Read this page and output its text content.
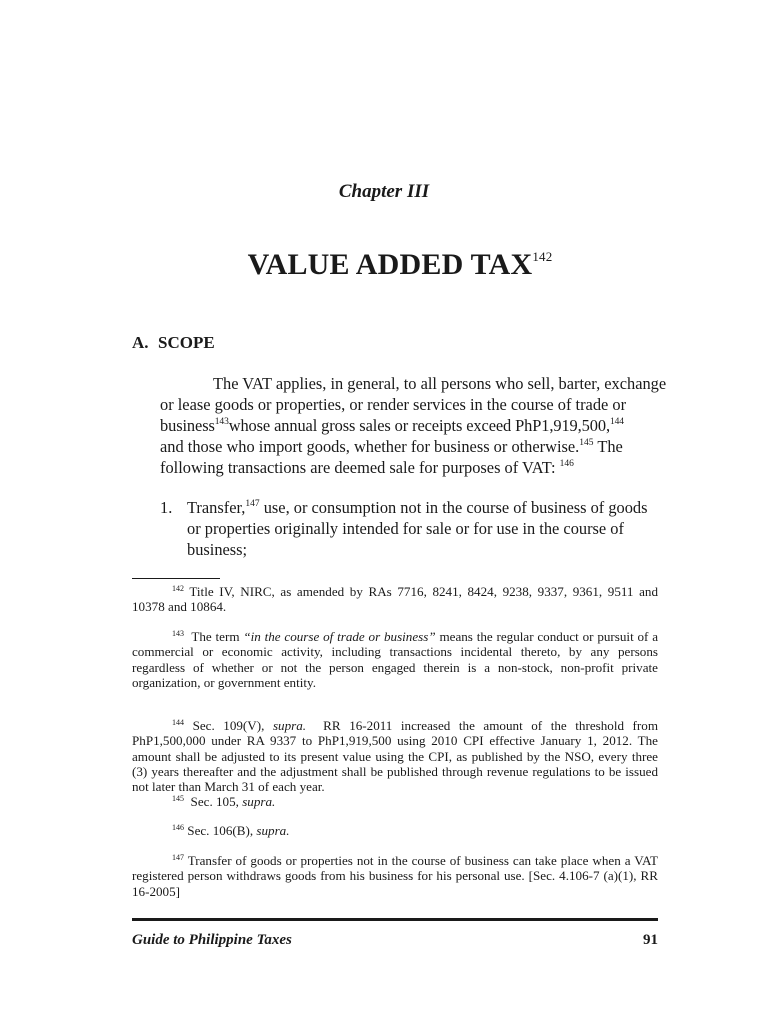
Chapter III
VALUE ADDED TAX$^{142}$
A. SCOPE
The VAT applies, in general, to all persons who sell, barter, exchange
or lease goods or properties, or render services in the course of trade or
business$^{143}$whose annual gross sales or receipts exceed PhP1,919,500,$^{144}$
and those who import goods, whether for business or otherwise.$^{145}$ The
following transactions are deemed sale for purposes of VAT: $^{146}$
1. Transfer,$^{147}$ use, or consumption not in the course of business of goods
or properties originally intended for sale or for use in the course of
business;
$^{142}$ Title IV, NIRC, as amended by RAs 7716, 8241, 8424, 9238, 9337, 9361, 9511 and 10378 and 10864.
$^{143}$ The term “in the course of trade or business” means the regular conduct or pursuit of a commercial or economic activity, including transactions incidental thereto, by any persons regardless of whether or not the person engaged therein is a non-stock, non-profit private organization, or government entity.
$^{144}$ Sec. 109(V), supra. RR 16-2011 increased the amount of the threshold from PhP1,500,000 under RA 9337 to PhP1,919,500 using 2010 CPI effective January 1, 2012. The amount shall be adjusted to its present value using the CPI, as published by the NSO, every three (3) years thereafter and the adjustment shall be published through revenue regulations to be issued not later than March 31 of each year.
$^{145}$ Sec. 105, supra.
$^{146}$ Sec. 106(B), supra.
$^{147}$ Transfer of goods or properties not in the course of business can take place when a VAT registered person withdraws goods from his business for his personal use. [Sec. 4.106-7 (a)(1), RR 16-2005]
Guide to Philippine Taxes	91
